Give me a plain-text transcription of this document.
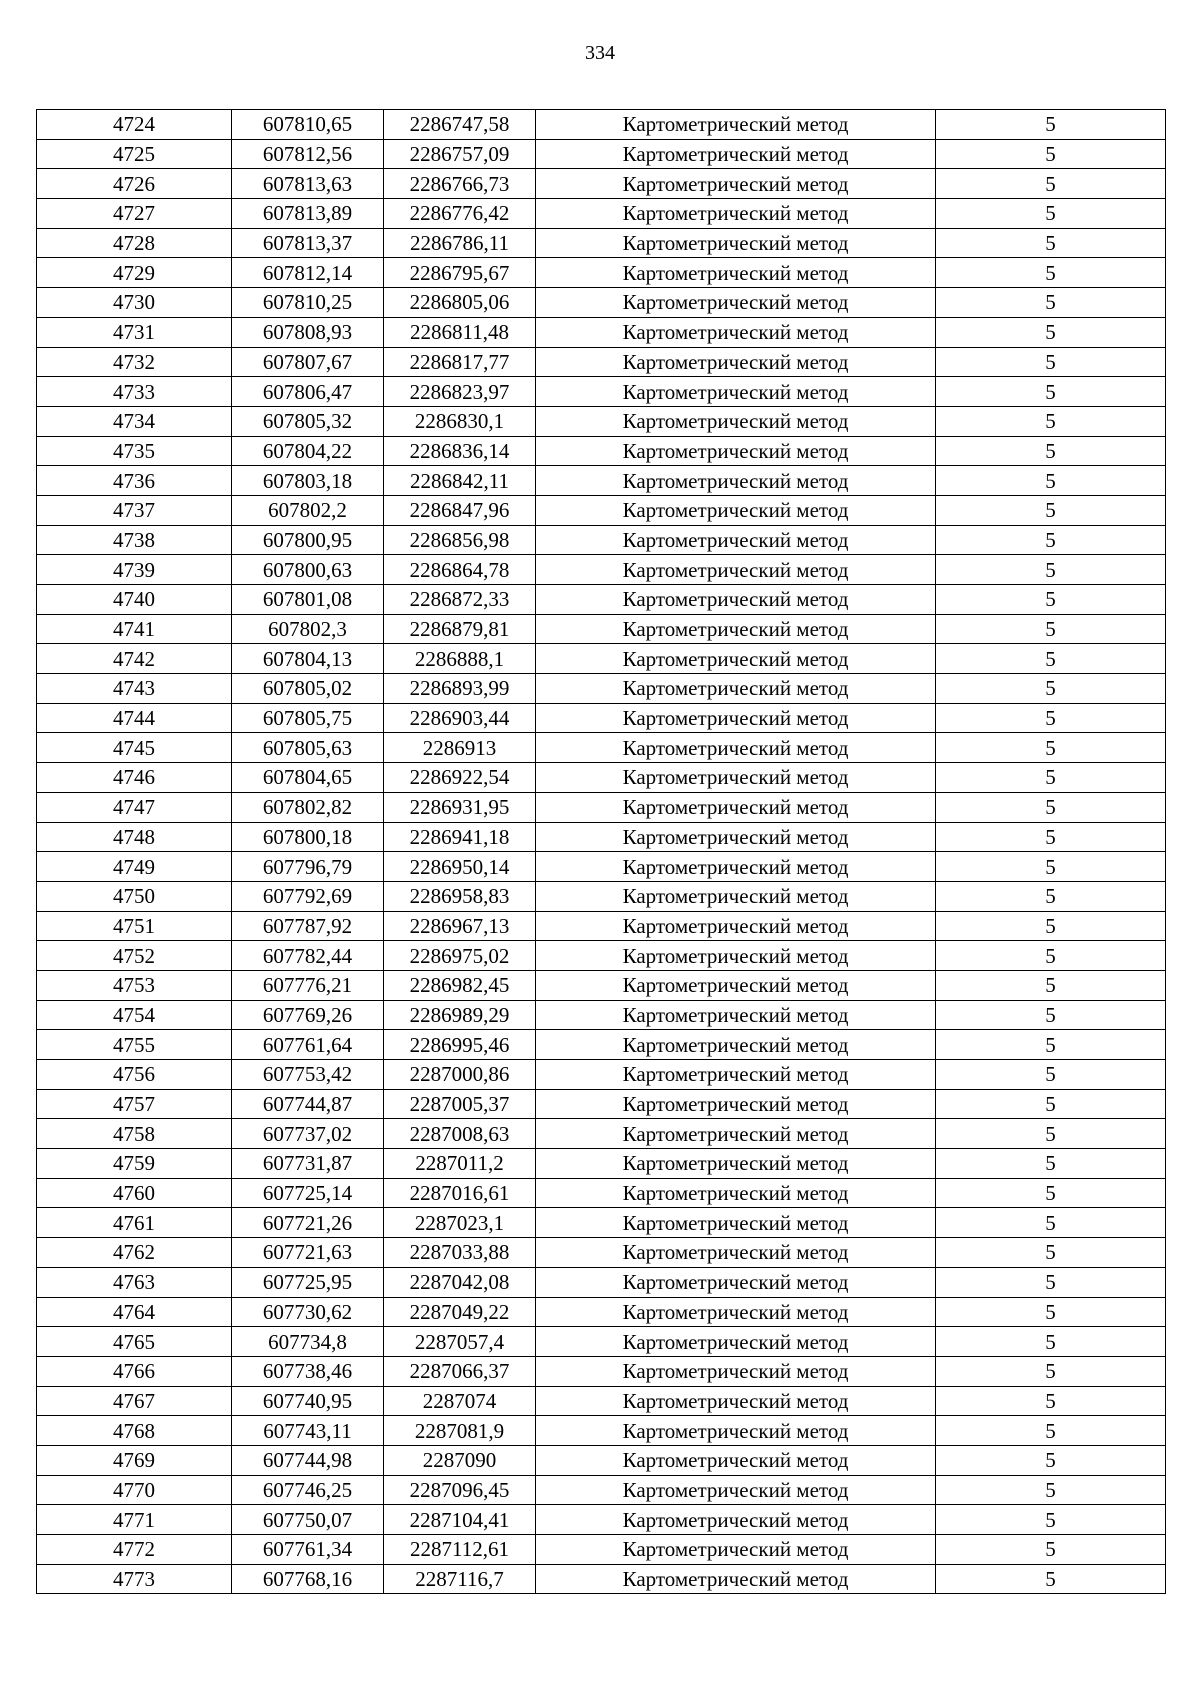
334
4724	607810,65	2286747,58	Картометрический метод	5
4725	607812,56	2286757,09	Картометрический метод	5
4726	607813,63	2286766,73	Картометрический метод	5
4727	607813,89	2286776,42	Картометрический метод	5
4728	607813,37	2286786,11	Картометрический метод	5
4729	607812,14	2286795,67	Картометрический метод	5
4730	607810,25	2286805,06	Картометрический метод	5
4731	607808,93	2286811,48	Картометрический метод	5
4732	607807,67	2286817,77	Картометрический метод	5
4733	607806,47	2286823,97	Картометрический метод	5
4734	607805,32	2286830,1	Картометрический метод	5
4735	607804,22	2286836,14	Картометрический метод	5
4736	607803,18	2286842,11	Картометрический метод	5
4737	607802,2	2286847,96	Картометрический метод	5
4738	607800,95	2286856,98	Картометрический метод	5
4739	607800,63	2286864,78	Картометрический метод	5
4740	607801,08	2286872,33	Картометрический метод	5
4741	607802,3	2286879,81	Картометрический метод	5
4742	607804,13	2286888,1	Картометрический метод	5
4743	607805,02	2286893,99	Картометрический метод	5
4744	607805,75	2286903,44	Картометрический метод	5
4745	607805,63	2286913	Картометрический метод	5
4746	607804,65	2286922,54	Картометрический метод	5
4747	607802,82	2286931,95	Картометрический метод	5
4748	607800,18	2286941,18	Картометрический метод	5
4749	607796,79	2286950,14	Картометрический метод	5
4750	607792,69	2286958,83	Картометрический метод	5
4751	607787,92	2286967,13	Картометрический метод	5
4752	607782,44	2286975,02	Картометрический метод	5
4753	607776,21	2286982,45	Картометрический метод	5
4754	607769,26	2286989,29	Картометрический метод	5
4755	607761,64	2286995,46	Картометрический метод	5
4756	607753,42	2287000,86	Картометрический метод	5
4757	607744,87	2287005,37	Картометрический метод	5
4758	607737,02	2287008,63	Картометрический метод	5
4759	607731,87	2287011,2	Картометрический метод	5
4760	607725,14	2287016,61	Картометрический метод	5
4761	607721,26	2287023,1	Картометрический метод	5
4762	607721,63	2287033,88	Картометрический метод	5
4763	607725,95	2287042,08	Картометрический метод	5
4764	607730,62	2287049,22	Картометрический метод	5
4765	607734,8	2287057,4	Картометрический метод	5
4766	607738,46	2287066,37	Картометрический метод	5
4767	607740,95	2287074	Картометрический метод	5
4768	607743,11	2287081,9	Картометрический метод	5
4769	607744,98	2287090	Картометрический метод	5
4770	607746,25	2287096,45	Картометрический метод	5
4771	607750,07	2287104,41	Картометрический метод	5
4772	607761,34	2287112,61	Картометрический метод	5
4773	607768,16	2287116,7	Картометрический метод	5
